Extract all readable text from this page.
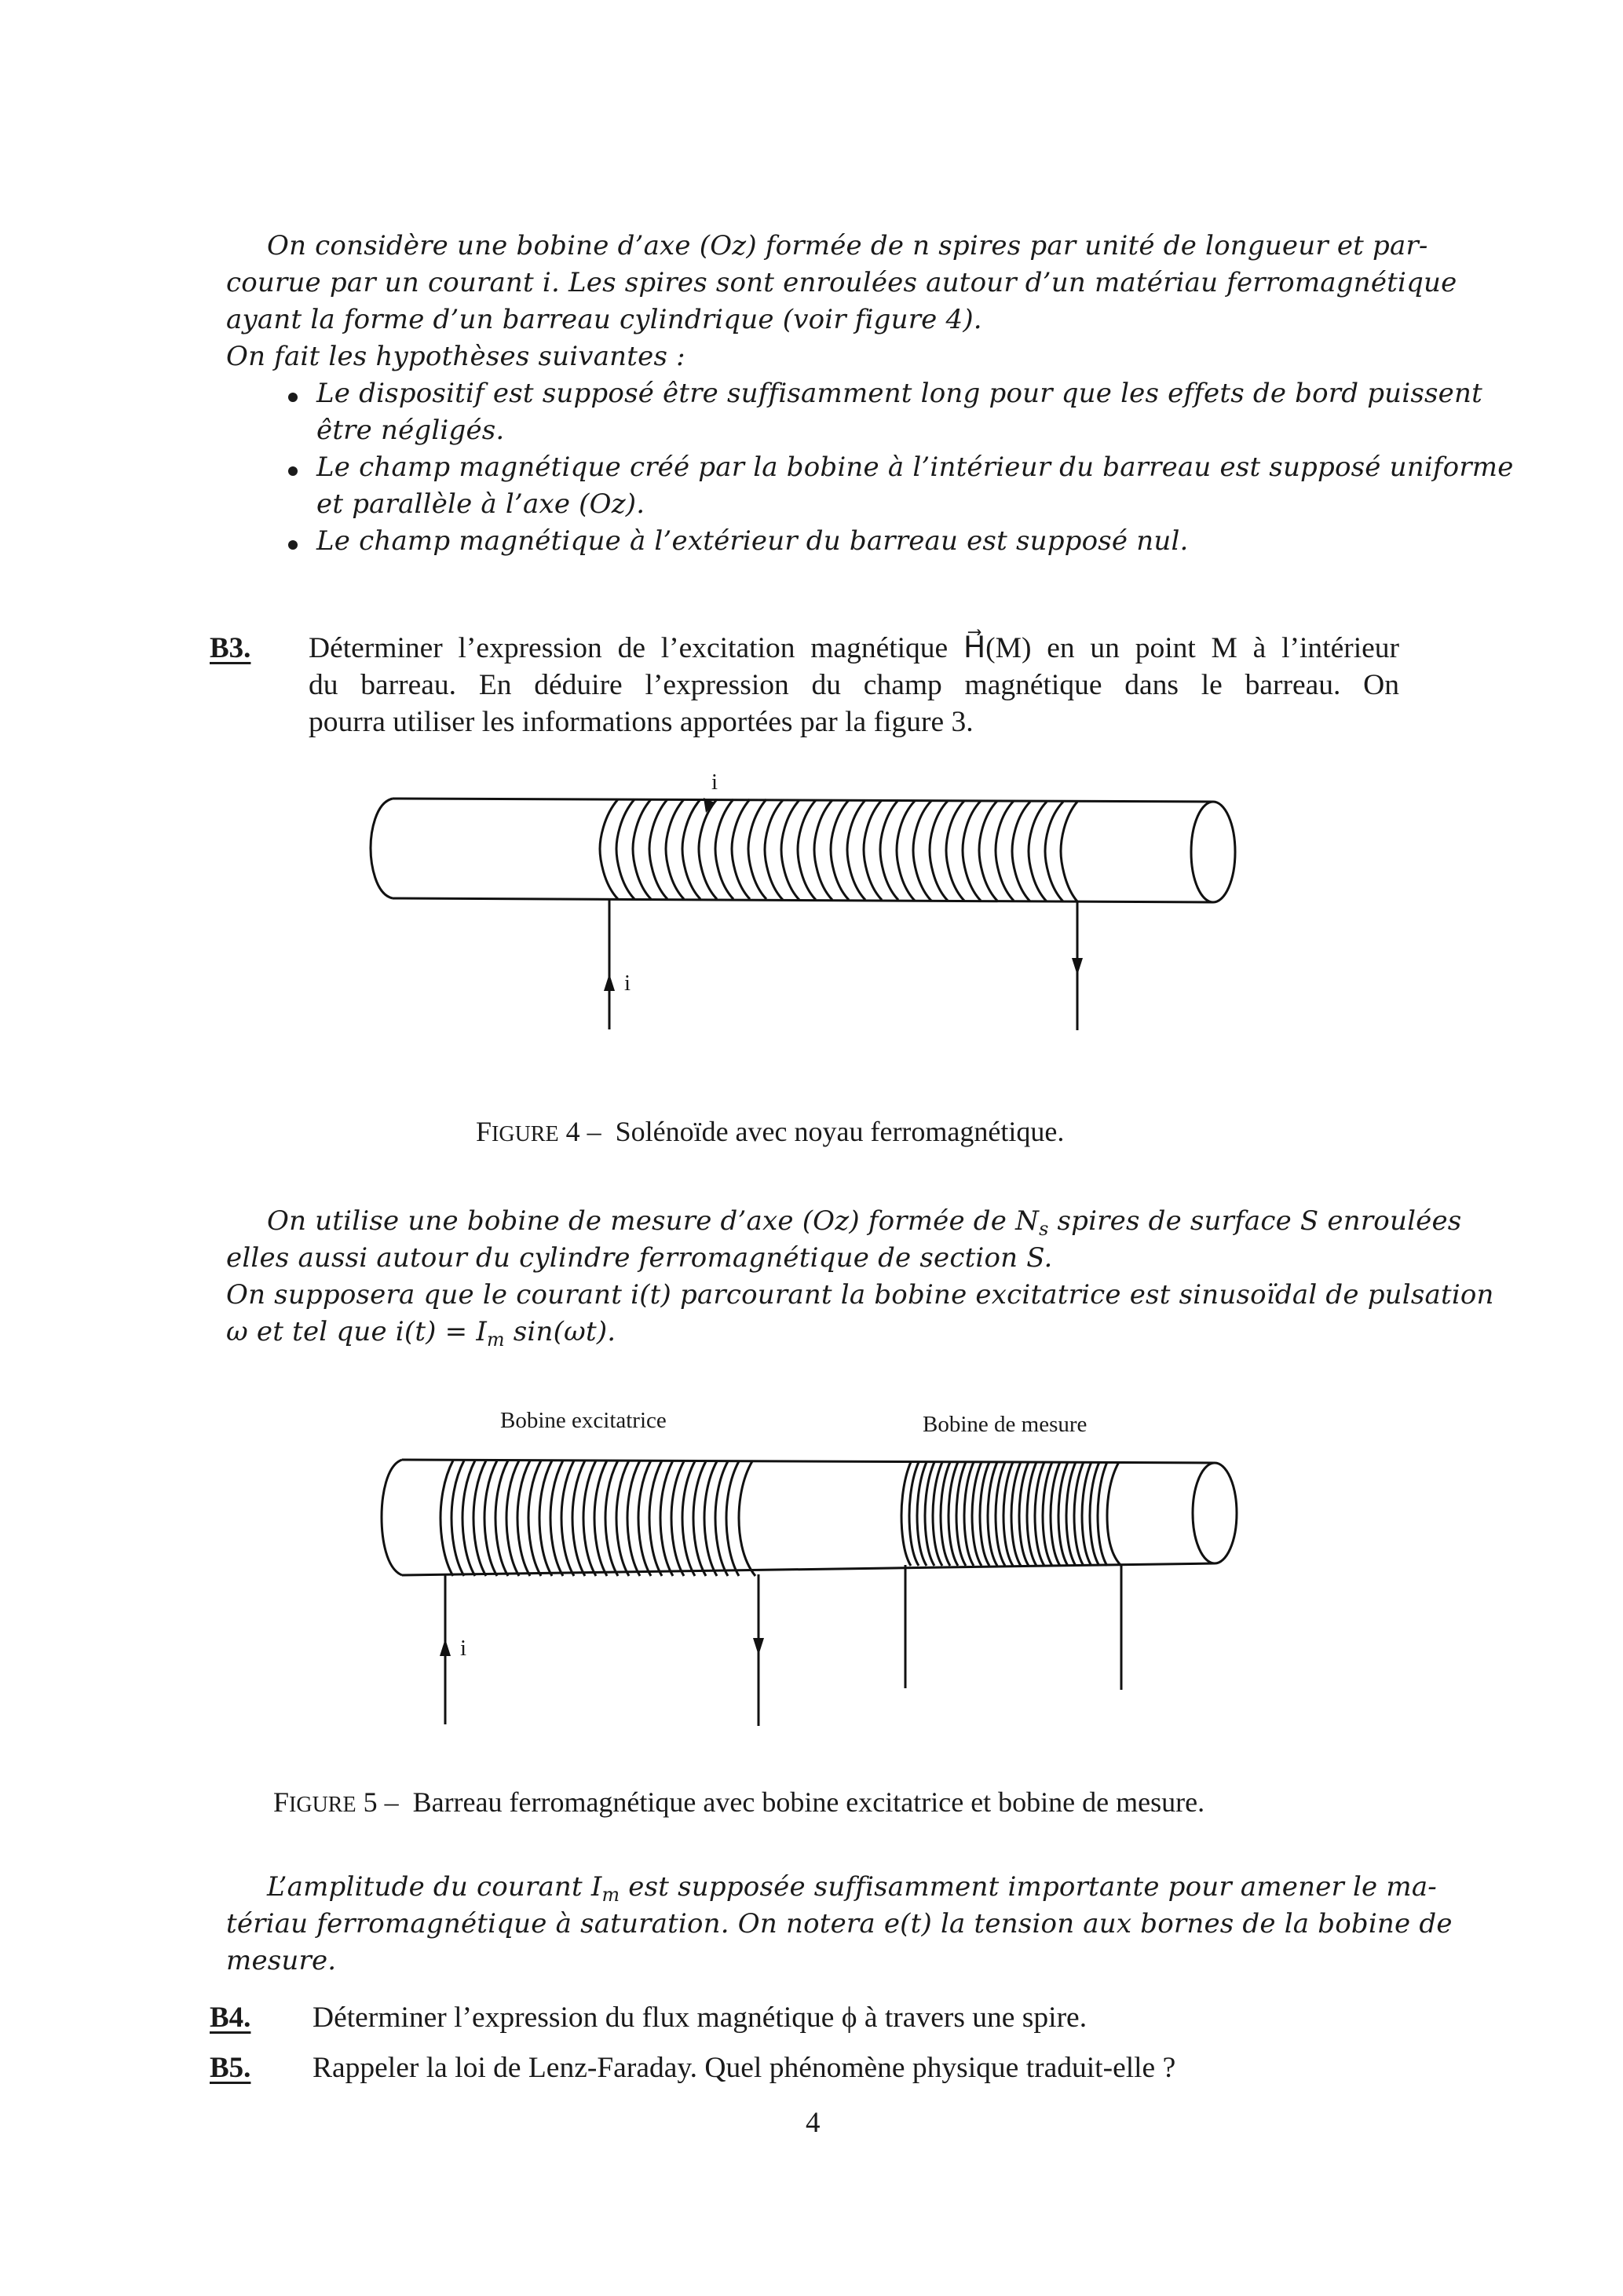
On considère une bobine d’axe (Oz) formée de n spires par unité de longueur et par-
courue par un courant i. Les spires sont enroulées autour d’un matériau ferromagnétique
ayant la forme d’un barreau cylindrique (voir figure 4).
On fait les hypothèses suivantes :
Le dispositif est supposé être suffisamment long pour que les effets de bord puissent
être négligés.
Le champ magnétique créé par la bobine à l’intérieur du barreau est supposé uniforme
et parallèle à l’axe (Oz).
Le champ magnétique à l’extérieur du barreau est supposé nul.
B3. Déterminer l’expression de l’excitation magnétique H⃗(M) en un point M à l’intérieur
du barreau. En déduire l’expression du champ magnétique dans le barreau. On
pourra utiliser les informations apportées par la figure 3.
i
i
FIGURE 4 – Solénoïde avec noyau ferromagnétique.
On utilise une bobine de mesure d’axe (Oz) formée de $N_s$ spires de surface S enroulées
elles aussi autour du cylindre ferromagnétique de section S.
On supposera que le courant i(t) parcourant la bobine excitatrice est sinusoïdal de pulsation
ω et tel que $i(t) = I_m$ sin(ωt).
Bobine excitatrice	Bobine de mesure
i
FIGURE 5 – Barreau ferromagnétique avec bobine excitatrice et bobine de mesure.
L’amplitude du courant $I_m$ est supposée suffisamment importante pour amener le ma-
tériau ferromagnétique à saturation. On notera e(t) la tension aux bornes de la bobine de
mesure.
B4. Déterminer l’expression du flux magnétique ϕ à travers une spire.
B5. Rappeler la loi de Lenz-Faraday. Quel phénomène physique traduit-elle ?
4
